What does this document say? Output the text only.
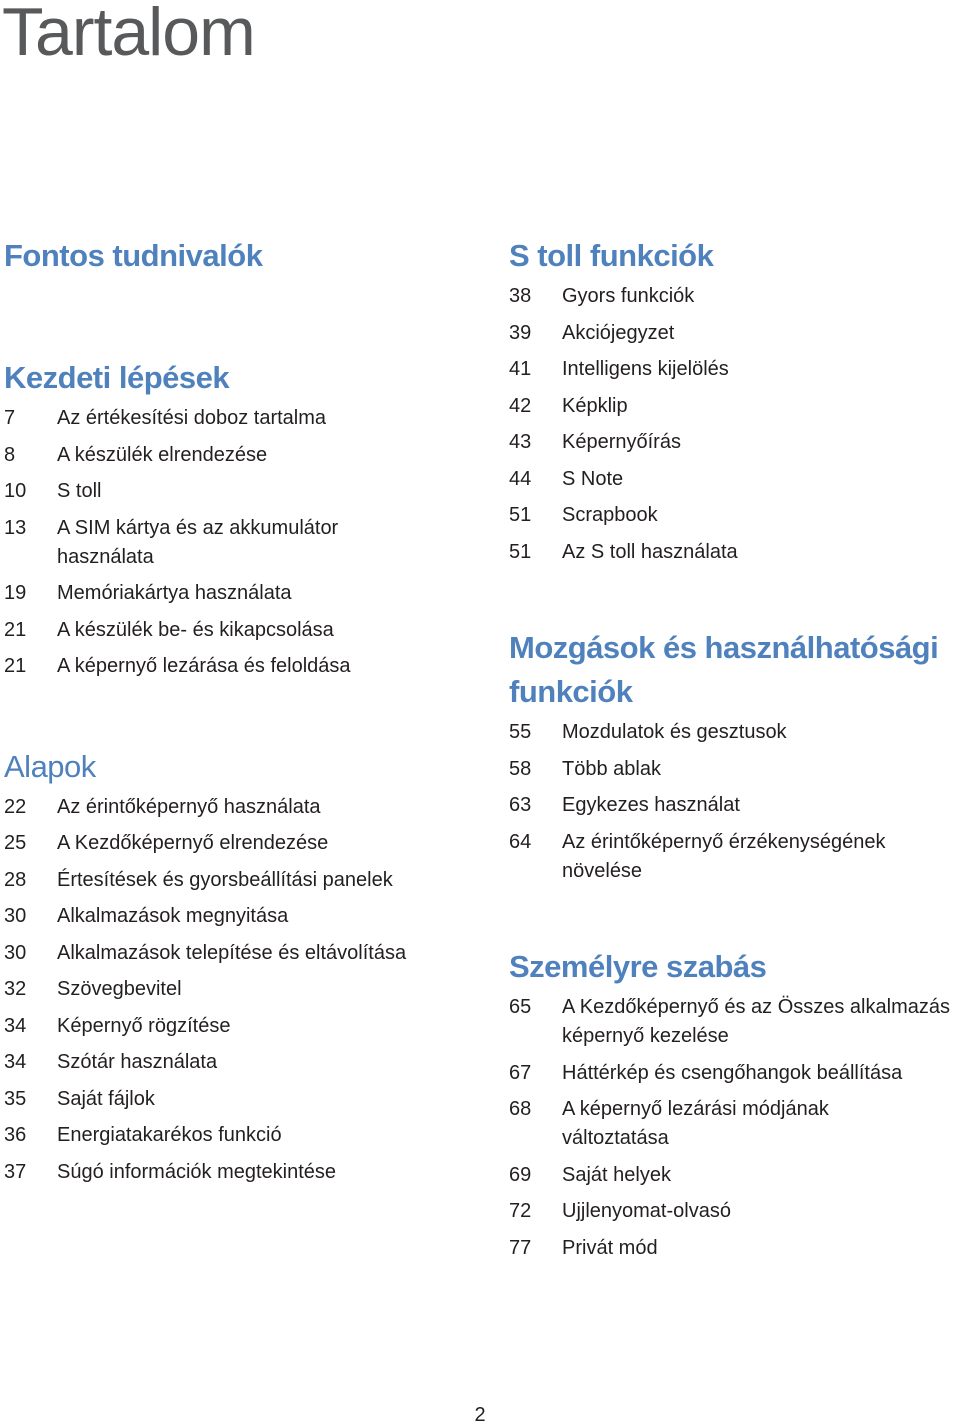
Tartalom
Fontos tudnivalók
Kezdeti lépések
7	Az értékesítési doboz tartalma
8	A készülék elrendezése
10	S toll
13	A SIM kártya és az akkumulátor használata
19	Memóriakártya használata
21	A készülék be- és kikapcsolása
21	A képernyő lezárása és feloldása
Alapok
22	Az érintőképernyő használata
25	A Kezdőképernyő elrendezése
28	Értesítések és gyorsbeállítási panelek
30	Alkalmazások megnyitása
30	Alkalmazások telepítése és eltávolítása
32	Szövegbevitel
34	Képernyő rögzítése
34	Szótár használata
35	Saját fájlok
36	Energiatakarékos funkció
37	Súgó információk megtekintése
S toll funkciók
38	Gyors funkciók
39	Akciójegyzet
41	Intelligens kijelölés
42	Képklip
43	Képernyőírás
44	S Note
51	Scrapbook
51	Az S toll használata
Mozgások és használhatósági funkciók
55	Mozdulatok és gesztusok
58	Több ablak
63	Egykezes használat
64	Az érintőképernyő érzékenységének növelése
Személyre szabás
65	A Kezdőképernyő és az Összes alkalmazás képernyő kezelése
67	Háttérkép és csengőhangok beállítása
68	A képernyő lezárási módjának változtatása
69	Saját helyek
72	Ujjlenyomat-olvasó
77	Privát mód
2
